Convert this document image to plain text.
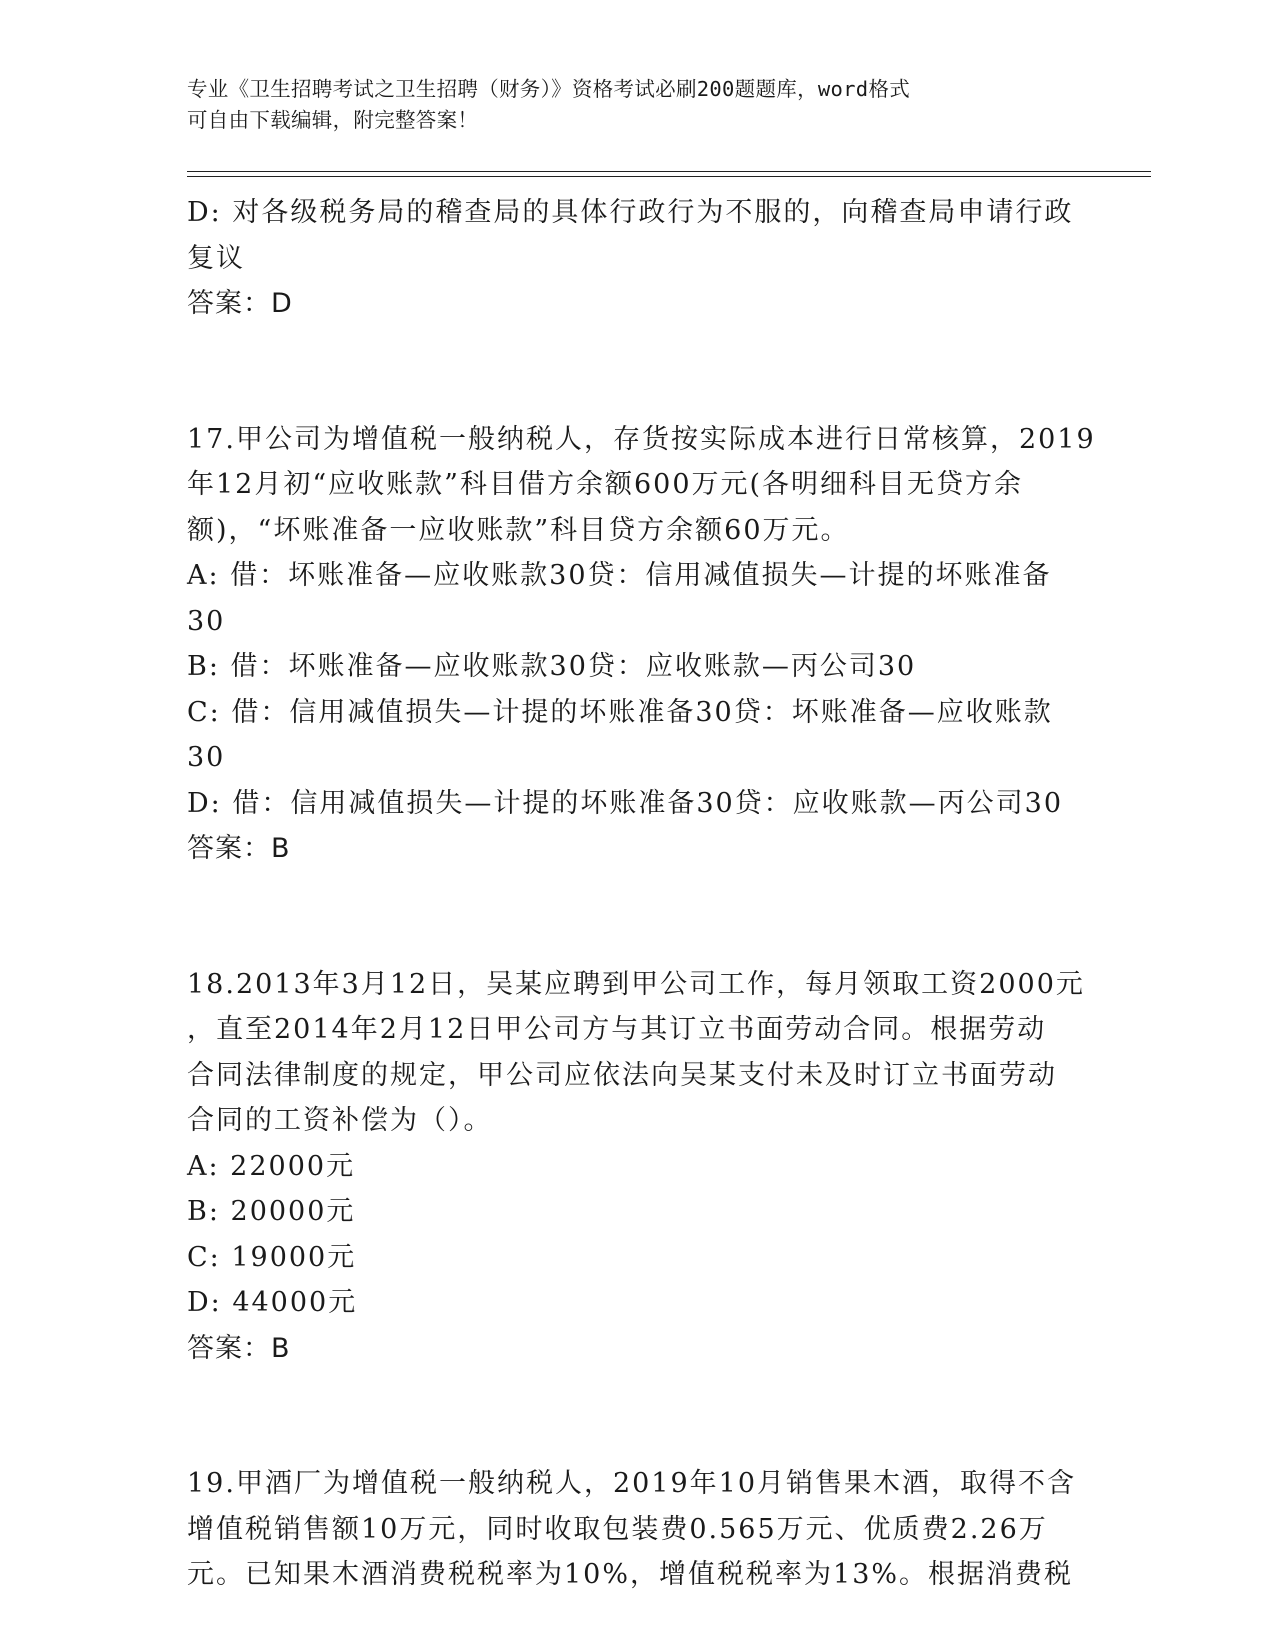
专业《卫生招聘考试之卫生招聘（财务）》资格考试必刷200题题库，word格式
可自由下载编辑，附完整答案！
D: 对各级税务局的稽查局的具体行政行为不服的，向稽查局申请行政
复议
答案：D
17.甲公司为增值税一般纳税人，存货按实际成本进行日常核算，2019
年12月初“应收账款”科目借方余额600万元(各明细科目无贷方余
额)，“坏账准备一应收账款”科目贷方余额60万元。
A: 借：坏账准备—应收账款30贷：信用减值损失—计提的坏账准备
30
B: 借：坏账准备—应收账款30贷：应收账款—丙公司30
C: 借：信用减值损失—计提的坏账准备30贷：坏账准备—应收账款
30
D: 借：信用减值损失—计提的坏账准备30贷：应收账款—丙公司30
答案：B
18.2013年3月12日，吴某应聘到甲公司工作，每月领取工资2000元
，直至2014年2月12日甲公司方与其订立书面劳动合同。根据劳动
合同法律制度的规定，甲公司应依法向吴某支付未及时订立书面劳动
合同的工资补偿为（）。
A: 22000元
B: 20000元
C: 19000元
D: 44000元
答案：B
19.甲酒厂为增值税一般纳税人，2019年10月销售果木酒，取得不含
增值税销售额10万元，同时收取包装费0.565万元、优质费2.26万
元。已知果木酒消费税税率为10%，增值税税率为13%。根据消费税
